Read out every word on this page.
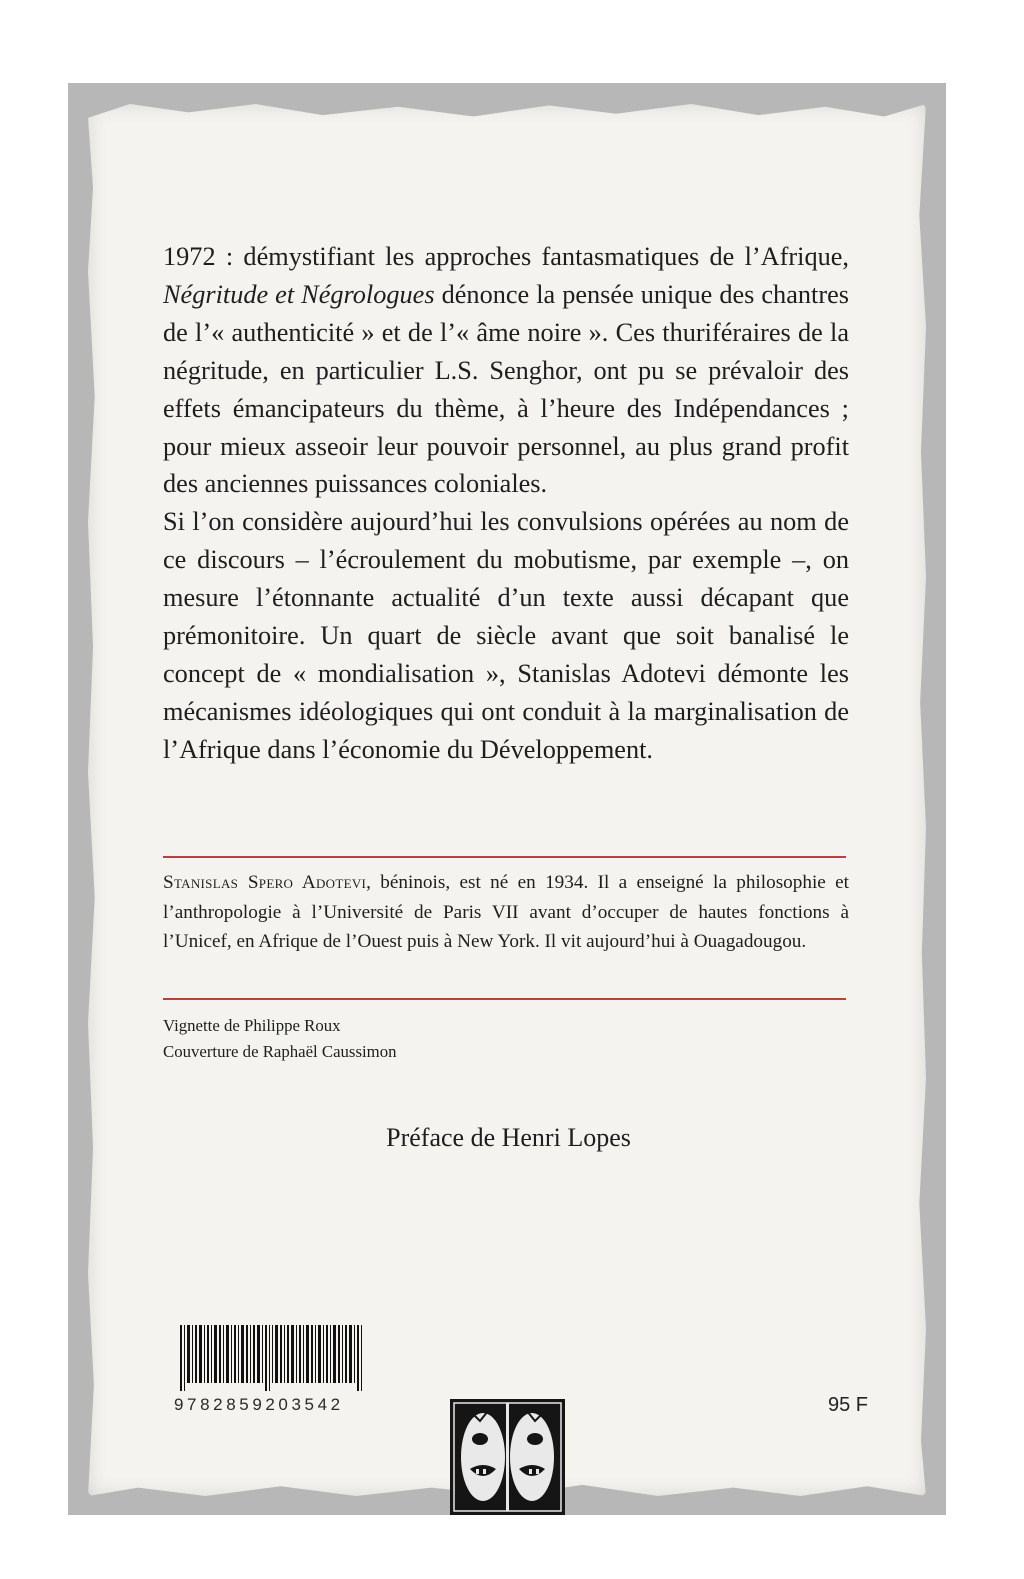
1972 : démystifiant les approches fantasmatiques de l’Afrique, Négritude et Négrologues dénonce la pensée unique des chantres de l’« authenticité » et de l’« âme noire ». Ces thuriféraires de la négritude, en particulier L.S. Senghor, ont pu se prévaloir des effets émancipateurs du thème, à l’heure des Indépendances ; pour mieux asseoir leur pouvoir personnel, au plus grand profit des anciennes puissances coloniales.

Si l’on considère aujourd’hui les convulsions opérées au nom de ce discours – l’écroulement du mobutisme, par exemple –, on mesure l’étonnante actualité d’un texte aussi décapant que prémonitoire. Un quart de siècle avant que soit banalisé le concept de « mondialisation », Stanislas Adotevi démonte les mécanismes idéologiques qui ont conduit à la marginalisation de l’Afrique dans l’économie du Développement.

Stanislas Spero Adotevi, béninois, est né en 1934. Il a enseigné la philosophie et l’anthropologie à l’Université de Paris VII avant d’occuper de hautes fonctions à l’Unicef, en Afrique de l’Ouest puis à New York. Il vit aujourd’hui à Ouagadougou.

Vignette de Philippe Roux
Couverture de Raphaël Caussimon
Préface de Henri Lopes
9782859203542	95 F
